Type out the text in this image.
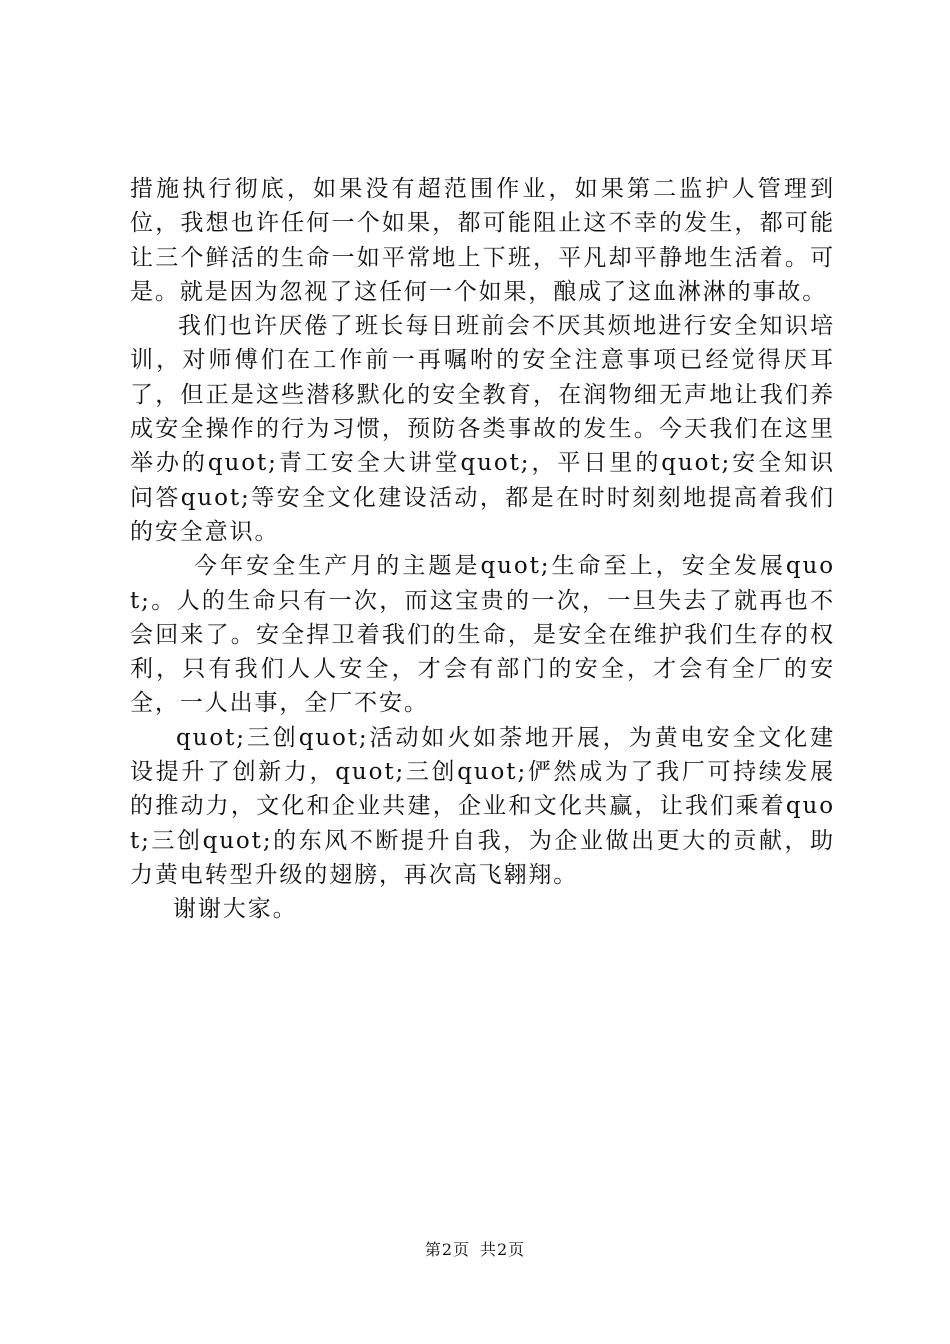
措施执行彻底，如果没有超范围作业，如果第二监护人管理到位，我想也许任何一个如果，都可能阻止这不幸的发生，都可能让三个鲜活的生命一如平常地上下班，平凡却平静地生活着。可是。就是因为忽视了这任何一个如果，酿成了这血淋淋的事故。

我们也许厌倦了班长每日班前会不厌其烦地进行安全知识培训，对师傅们在工作前一再嘱咐的安全注意事项已经觉得厌耳了，但正是这些潜移默化的安全教育，在润物细无声地让我们养成安全操作的行为习惯，预防各类事故的发生。今天我们在这里举办的quot;青工安全大讲堂quot;，平日里的quot;安全知识问答quot;等安全文化建设活动，都是在时时刻刻地提高着我们的安全意识。

今年安全生产月的主题是quot;生命至上，安全发展quot;。人的生命只有一次，而这宝贵的一次，一旦失去了就再也不会回来了。安全捍卫着我们的生命，是安全在维护我们生存的权利，只有我们人人安全，才会有部门的安全，才会有全厂的安全，一人出事，全厂不安。

quot;三创quot;活动如火如荼地开展，为黄电安全文化建设提升了创新力，quot;三创quot;俨然成为了我厂可持续发展的推动力，文化和企业共建，企业和文化共赢，让我们乘着quot;三创quot;的东风不断提升自我，为企业做出更大的贡献，助力黄电转型升级的翅膀，再次高飞翱翔。

谢谢大家。

第2页 共2页
